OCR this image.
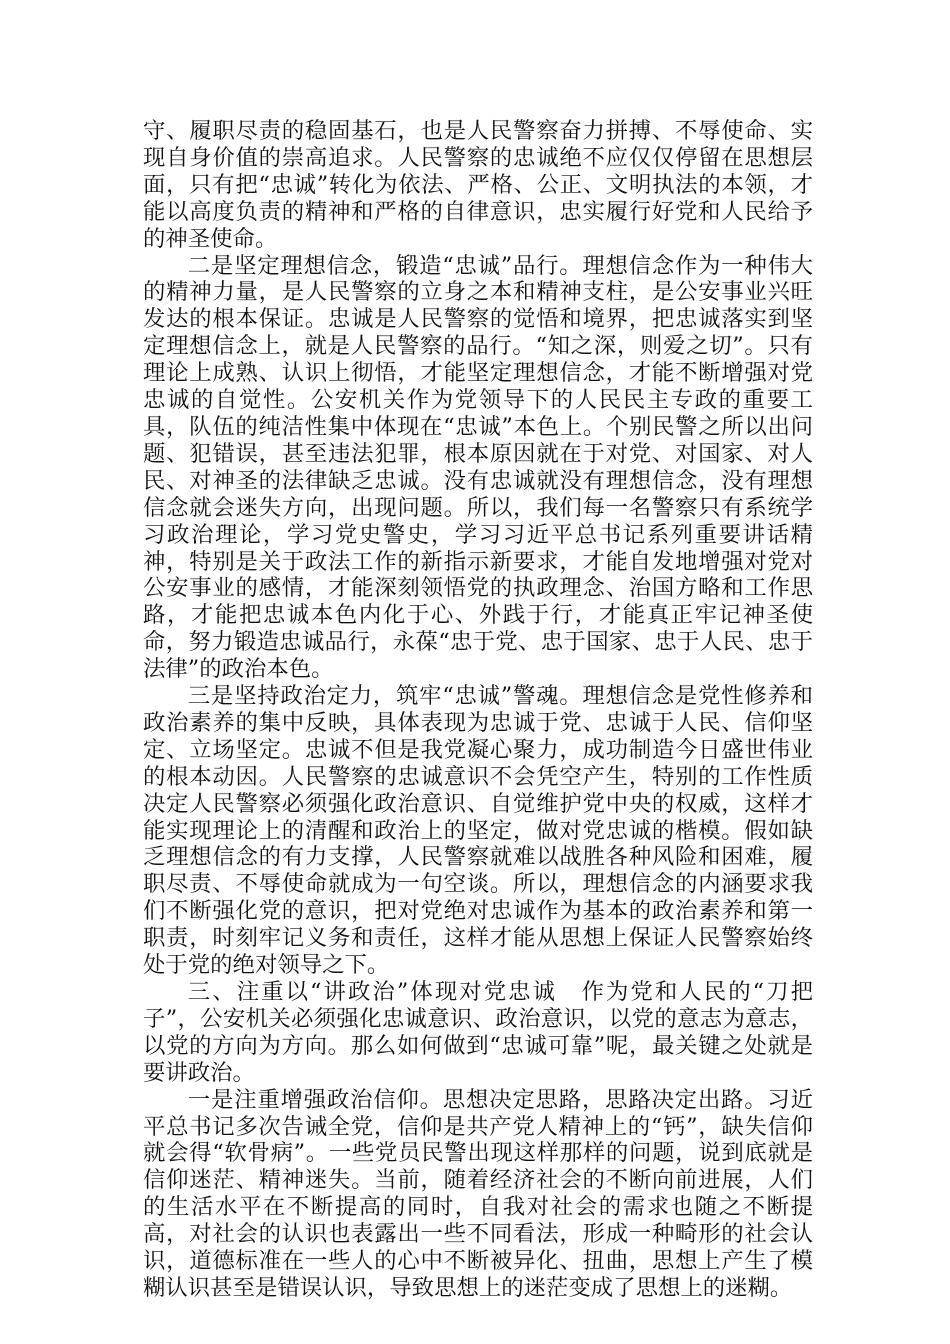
守、履职尽责的稳固基石，也是人民警察奋力拼搏、不辱使命、实现自身价值的崇高追求。人民警察的忠诚绝不应仅仅停留在思想层面，只有把“忠诚”转化为依法、严格、公正、文明执法的本领，才能以高度负责的精神和严格的自律意识，忠实履行好党和人民给予的神圣使命。

二是坚定理想信念，锻造“忠诚”品行。理想信念作为一种伟大的精神力量，是人民警察的立身之本和精神支柱，是公安事业兴旺发达的根本保证。忠诚是人民警察的觉悟和境界，把忠诚落实到坚定理想信念上，就是人民警察的品行。“知之深，则爱之切”。只有理论上成熟、认识上彻悟，才能坚定理想信念，才能不断增强对党忠诚的自觉性。公安机关作为党领导下的人民民主专政的重要工具，队伍的纯洁性集中体现在“忠诚”本色上。个别民警之所以出问题、犯错误，甚至违法犯罪，根本原因就在于对党、对国家、对人民、对神圣的法律缺乏忠诚。没有忠诚就没有理想信念，没有理想信念就会迷失方向，出现问题。所以，我们每一名警察只有系统学习政治理论，学习党史警史，学习习近平总书记系列重要讲话精神，特别是关于政法工作的新指示新要求，才能自发地增强对党对公安事业的感情，才能深刻领悟党的执政理念、治国方略和工作思路，才能把忠诚本色内化于心、外践于行，才能真正牢记神圣使命，努力锻造忠诚品行，永葆“忠于党、忠于国家、忠于人民、忠于法律”的政治本色。

三是坚持政治定力，筑牢“忠诚”警魂。理想信念是党性修养和政治素养的集中反映，具体表现为忠诚于党、忠诚于人民、信仰坚定、立场坚定。忠诚不但是我党凝心聚力，成功制造今日盛世伟业的根本动因。人民警察的忠诚意识不会凭空产生，特别的工作性质决定人民警察必须强化政治意识、自觉维护党中央的权威，这样才能实现理论上的清醒和政治上的坚定，做对党忠诚的楷模。假如缺乏理想信念的有力支撑，人民警察就难以战胜各种风险和困难，履职尽责、不辱使命就成为一句空谈。所以，理想信念的内涵要求我们不断强化党的意识，把对党绝对忠诚作为基本的政治素养和第一职责，时刻牢记义务和责任，这样才能从思想上保证人民警察始终处于党的绝对领导之下。

三、注重以“讲政治”体现对党忠诚　作为党和人民的“刀把子”，公安机关必须强化忠诚意识、政治意识，以党的意志为意志，以党的方向为方向。那么如何做到“忠诚可靠”呢，最关键之处就是要讲政治。

一是注重增强政治信仰。思想决定思路，思路决定出路。习近平总书记多次告诫全党，信仰是共产党人精神上的“钙”，缺失信仰就会得“软骨病”。一些党员民警出现这样那样的问题，说到底就是信仰迷茫、精神迷失。当前，随着经济社会的不断向前进展，人们的生活水平在不断提高的同时，自我对社会的需求也随之不断提高，对社会的认识也表露出一些不同看法，形成一种畸形的社会认识，道德标准在一些人的心中不断被异化、扭曲，思想上产生了模糊认识甚至是错误认识，导致思想上的迷茫变成了思想上的迷糊。
